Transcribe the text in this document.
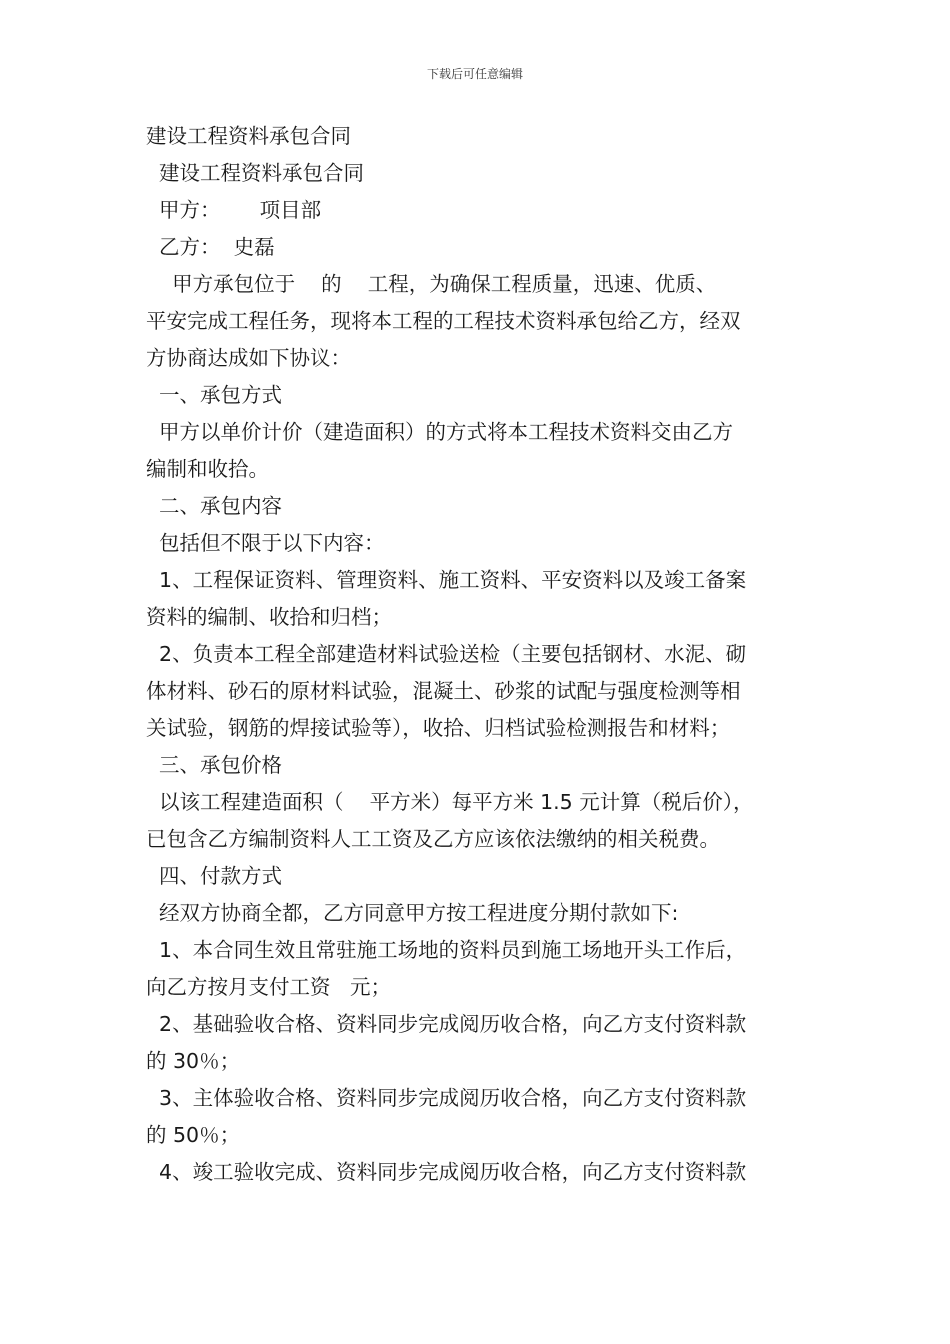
下载后可任意编辑
建设工程资料承包合同
建设工程资料承包合同
甲方：      项目部
乙方：  史磊
甲方承包位于    的    工程，为确保工程质量，迅速、优质、
平安完成工程任务，现将本工程的工程技术资料承包给乙方，经双
方协商达成如下协议：
一、承包方式
甲方以单价计价（建造面积）的方式将本工程技术资料交由乙方
编制和收拾。
二、承包内容
包括但不限于以下内容：
1、工程保证资料、管理资料、施工资料、平安资料以及竣工备案
资料的编制、收拾和归档；
2、负责本工程全部建造材料试验送检（主要包括钢材、水泥、砌
体材料、砂石的原材料试验，混凝土、砂浆的试配与强度检测等相
关试验，钢筋的焊接试验等），收拾、归档试验检测报告和材料；
三、承包价格
以该工程建造面积（    平方米）每平方米 1.5 元计算（税后价），
已包含乙方编制资料人工工资及乙方应该依法缴纳的相关税费。
四、付款方式
经双方协商全都，乙方同意甲方按工程进度分期付款如下:
1、本合同生效且常驻施工场地的资料员到施工场地开头工作后，
向乙方按月支付工资   元；
2、基础验收合格、资料同步完成阅历收合格，向乙方支付资料款
的 30％；
3、主体验收合格、资料同步完成阅历收合格，向乙方支付资料款
的 50％；
4、竣工验收完成、资料同步完成阅历收合格，向乙方支付资料款
